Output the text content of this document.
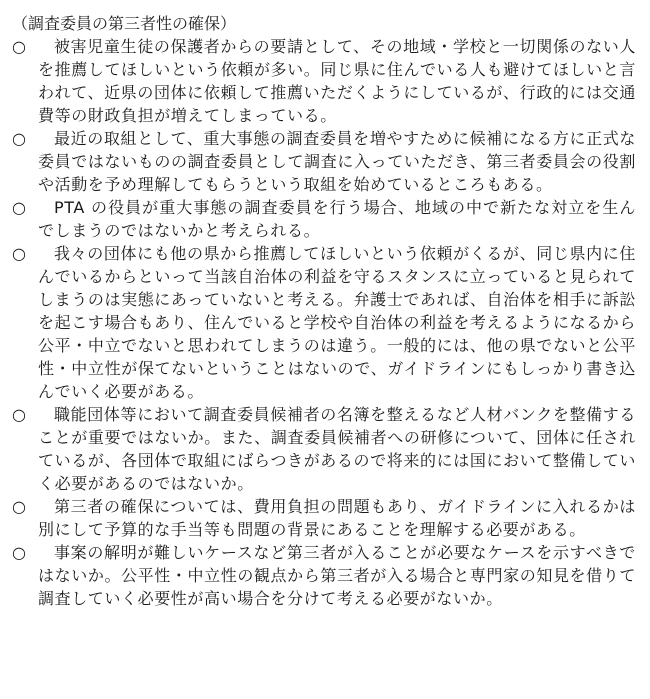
（調査委員の第三者性の確保）
○	被害児童生徒の保護者からの要請として、その地域・学校と一切関係のない人を推薦してほしいという依頼が多い。同じ県に住んでいる人も避けてほしいと言われて、近県の団体に依頼して推薦いただくようにしているが、行政的には交通費等の財政負担が増えてしまっている。
○	最近の取組として、重大事態の調査委員を増やすために候補になる方に正式な委員ではないものの調査委員として調査に入っていただき、第三者委員会の役割や活動を予め理解してもらうという取組を始めているところもある。
○	PTA の役員が重大事態の調査委員を行う場合、地域の中で新たな対立を生んでしまうのではないかと考えられる。
○	我々の団体にも他の県から推薦してほしいという依頼がくるが、同じ県内に住んでいるからといって当該自治体の利益を守るスタンスに立っていると見られてしまうのは実態にあっていないと考える。弁護士であれば、自治体を相手に訴訟を起こす場合もあり、住んでいると学校や自治体の利益を考えるようになるから公平・中立でないと思われてしまうのは違う。一般的には、他の県でないと公平性・中立性が保てないということはないので、ガイドラインにもしっかり書き込んでいく必要がある。
○	職能団体等において調査委員候補者の名簿を整えるなど人材バンクを整備することが重要ではないか。また、調査委員候補者への研修について、団体に任されているが、各団体で取組にばらつきがあるので将来的には国において整備していく必要があるのではないか。
○	第三者の確保については、費用負担の問題もあり、ガイドラインに入れるかは別にして予算的な手当等も問題の背景にあることを理解する必要がある。
○	事案の解明が難しいケースなど第三者が入ることが必要なケースを示すべきではないか。公平性・中立性の観点から第三者が入る場合と専門家の知見を借りて調査していく必要性が高い場合を分けて考える必要がないか。
